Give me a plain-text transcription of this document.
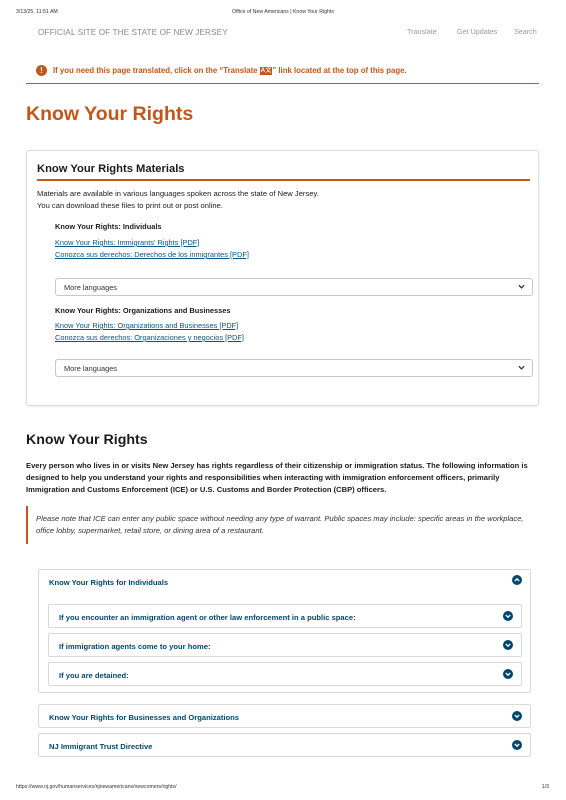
3/13/25, 11:51 AM	Office of New Americans | Know Your Rights
OFFICIAL SITE OF THE STATE OF NEW JERSEY	Translate	Get Updates Search
!	If you need this page translated, click on the “Translate A文” link located at the top of this page.
Know Your Rights
Know Your Rights Materials
Materials are available in various languages spoken across the state of New Jersey.
You can download these files to print out or post online.
Know Your Rights: Individuals
Know Your Rights: Immigrants' Rights [PDF]
Conozca sus derechos: Derechos de los inmigrantes [PDF]
More languages
Know Your Rights: Organizations and Businesses
Know Your Rights: Organizations and Businesses [PDF]
Conozca sus derechos: Organizaciones y negocios [PDF]
More languages
Know Your Rights

Every person who lives in or visits New Jersey has rights regardless of their citizenship or immigration status. The following information is designed to help you understand your rights and responsibilities when interacting with immigration enforcement officers, primarily Immigration and Customs Enforcement (ICE) or U.S. Customs and Border Protection (CBP) officers.

Please note that ICE can enter any public space without needing any type of warrant. Public spaces may include: specific areas in the workplace, office lobby, supermarket, retail store, or dining area of a restaurant.

Know Your Rights for Individuals
If you encounter an immigration agent or other law enforcement in a public space:
If immigration agents come to your home:
If you are detained:
Know Your Rights for Businesses and Organizations
NJ Immigrant Trust Directive
https://www.nj.gov/humanservices/njnewamericans/newcomers/rights/	1/3
